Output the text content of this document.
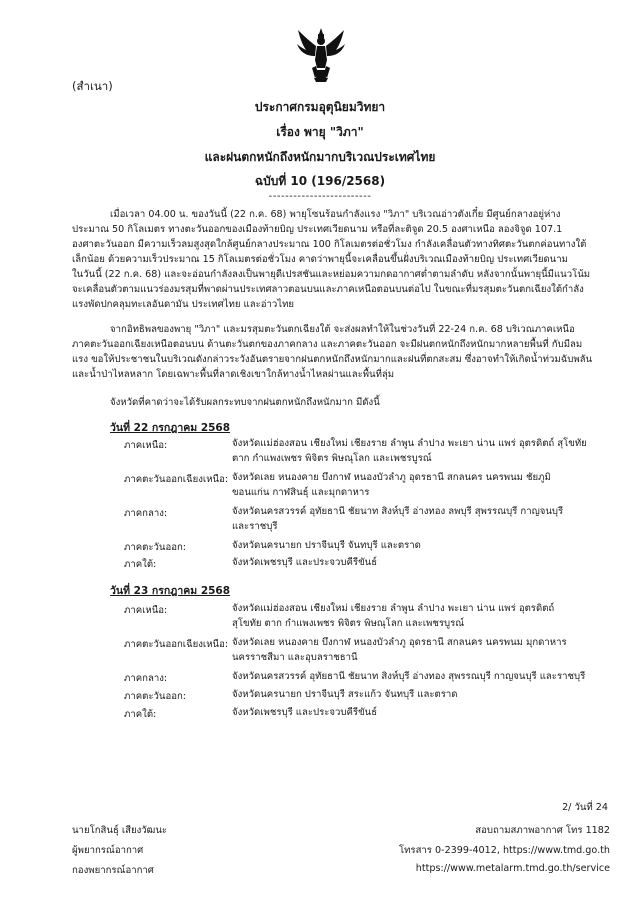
(สำเนา)
ประกาศกรมอุตุนิยมวิทยา
เรื่อง พายุ "วิภา"
และฝนตกหนักถึงหนักมากบริเวณประเทศไทย
ฉบับที่ 10 (196/2568)
-------------------------
เมื่อเวลา 04.00 น. ของวันนี้ (22 ก.ค. 68) พายุโซนร้อนกำลังแรง "วิภา" บริเวณอ่าวตังเกี๋ย มีศูนย์กลางอยู่ห่าง
ประมาณ 50 กิโลเมตร ทางตะวันออกของเมืองท้ายบิญ ประเทศเวียดนาม หรือที่ละติจูด 20.5 องศาเหนือ ลองจิจูด 107.1
องศาตะวันออก มีความเร็วลมสูงสุดใกล้ศูนย์กลางประมาณ 100 กิโลเมตรต่อชั่วโมง กำลังเคลื่อนตัวทางทิศตะวันตกค่อนทางใต้
เล็กน้อย ด้วยความเร็วประมาณ 15 กิโลเมตรต่อชั่วโมง คาดว่าพายุนี้จะเคลื่อนขึ้นฝั่งบริเวณเมืองท้ายบิญ ประเทศเวียดนาม
ในวันนี้ (22 ก.ค. 68) และจะอ่อนกำลังลงเป็นพายุดีเปรสชันและหย่อมความกดอากาศต่ำตามลำดับ หลังจากนั้นพายุนี้มีแนวโน้ม
จะเคลื่อนตัวตามแนวร่องมรสุมที่พาดผ่านประเทศลาวตอนบนและภาคเหนือตอนบนต่อไป ในขณะที่มรสุมตะวันตกเฉียงใต้กำลัง
แรงพัดปกคลุมทะเลอันดามัน ประเทศไทย และอ่าวไทย
จากอิทธิพลของพายุ "วิภา" และมรสุมตะวันตกเฉียงใต้ จะส่งผลทำให้ในช่วงวันที่ 22-24 ก.ค. 68 บริเวณภาคเหนือ
ภาคตะวันออกเฉียงเหนือตอนบน ด้านตะวันตกของภาคกลาง และภาคตะวันออก จะมีฝนตกหนักถึงหนักมากหลายพื้นที่ กับมีลม
แรง ขอให้ประชาชนในบริเวณดังกล่าวระวังอันตรายจากฝนตกหนักถึงหนักมากและฝนที่ตกสะสม ซึ่งอาจทำให้เกิดน้ำท่วมฉับพลัน
และน้ำป่าไหลหลาก โดยเฉพาะพื้นที่ลาดเชิงเขาใกล้ทางน้ำไหลผ่านและพื้นที่ลุ่ม
จังหวัดที่คาดว่าจะได้รับผลกระทบจากฝนตกหนักถึงหนักมาก มีดังนี้
วันที่ 22 กรกฎาคม 2568
ภาคเหนือ:	จังหวัดแม่ฮ่องสอน เชียงใหม่ เชียงราย ลำพูน ลำปาง พะเยา น่าน แพร่ อุตรดิตถ์ สุโขทัย
ตาก กำแพงเพชร พิจิตร พิษณุโลก และเพชรบูรณ์
ภาคตะวันออกเฉียงเหนือ: จังหวัดเลย หนองคาย บึงกาฬ หนองบัวลำภู อุดรธานี สกลนคร นครพนม ชัยภูมิ
ขอนแก่น กาฬสินธุ์ และมุกดาหาร
ภาคกลาง:	จังหวัดนครสวรรค์ อุทัยธานี ชัยนาท สิงห์บุรี อ่างทอง ลพบุรี สุพรรณบุรี กาญจนบุรี
และราชบุรี
ภาคตะวันออก:	จังหวัดนครนายก ปราจีนบุรี จันทบุรี และตราด
ภาคใต้:	จังหวัดเพชรบุรี และประจวบคีรีขันธ์
วันที่ 23 กรกฎาคม 2568
ภาคเหนือ:	จังหวัดแม่ฮ่องสอน เชียงใหม่ เชียงราย ลำพูน ลำปาง พะเยา น่าน แพร่ อุตรดิตถ์
สุโขทัย ตาก กำแพงเพชร พิจิตร พิษณุโลก และเพชรบูรณ์
ภาคตะวันออกเฉียงเหนือ: จังหวัดเลย หนองคาย บึงกาฬ หนองบัวลำภู อุดรธานี สกลนคร นครพนม มุกดาหาร
นครราชสีมา และอุบลราชธานี
ภาคกลาง:	จังหวัดนครสวรรค์ อุทัยธานี ชัยนาท สิงห์บุรี อ่างทอง สุพรรณบุรี กาญจนบุรี และราชบุรี
ภาคตะวันออก:	จังหวัดนครนายก ปราจีนบุรี สระแก้ว จันทบุรี และตราด
ภาคใต้:	จังหวัดเพชรบุรี และประจวบคีรีขันธ์
2/ วันที่ 24
นายโกสินธุ์ เสียงวัฒนะ
ผู้พยากรณ์อากาศ
กองพยากรณ์อากาศ
สอบถามสภาพอากาศ โทร 1182
โทรสาร 0-2399-4012, https://www.tmd.go.th
https://www.metalarm.tmd.go.th/service
